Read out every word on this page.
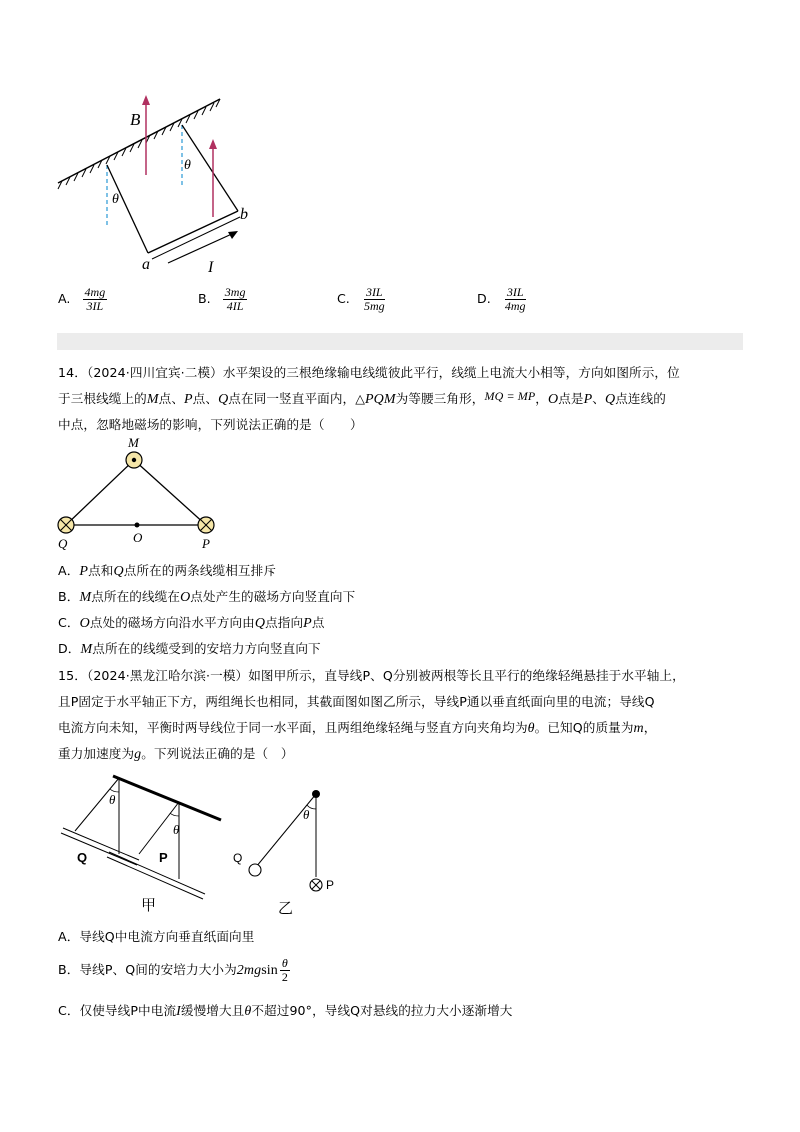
B
θ
θ
a
b
I
A. $\frac{4mg}{3IL}$	B. $\frac{3mg}{4IL}$	C. $\frac{3IL}{5mg}$	D. $\frac{3IL}{4mg}$
14．（2024·四川宜宾·二模）水平架设的三根绝缘输电线缆彼此平行，线缆上电流大小相等，方向如图所示，位
于三根线缆上的M点、P点、Q点在同一竖直平面内，△PQM为等腰三角形，MQ = MP，O点是P、Q点连线的
中点，忽略地磁场的影响，下列说法正确的是（　　）
M
Q	P
O
A．P点和Q点所在的两条线缆相互排斥
B．M点所在的线缆在O点处产生的磁场方向竖直向下
C．O点处的磁场方向沿水平方向由Q点指向P点
D．M点所在的线缆受到的安培力方向竖直向下
15．（2024·黑龙江哈尔滨·一模）如图甲所示，直导线P、Q分别被两根等长且平行的绝缘轻绳悬挂于水平轴上，
且P固定于水平轴正下方，两组绳长也相同，其截面图如图乙所示，导线P通以垂直纸面向里的电流；导线Q
电流方向未知，平衡时两导线位于同一水平面，且两组绝缘轻绳与竖直方向夹角均为θ。已知Q的质量为m，
重力加速度为g。下列说法正确的是（　）
θ
θ
Q	P
甲
θ
Q
P
乙
A．导线Q中电流方向垂直纸面向里
B．导线P、Q间的安培力大小为$2mgsin \frac{\theta}{2}$
C．仅使导线P中电流I缓慢增大且θ不超过90°，导线Q对悬线的拉力大小逐渐增大
